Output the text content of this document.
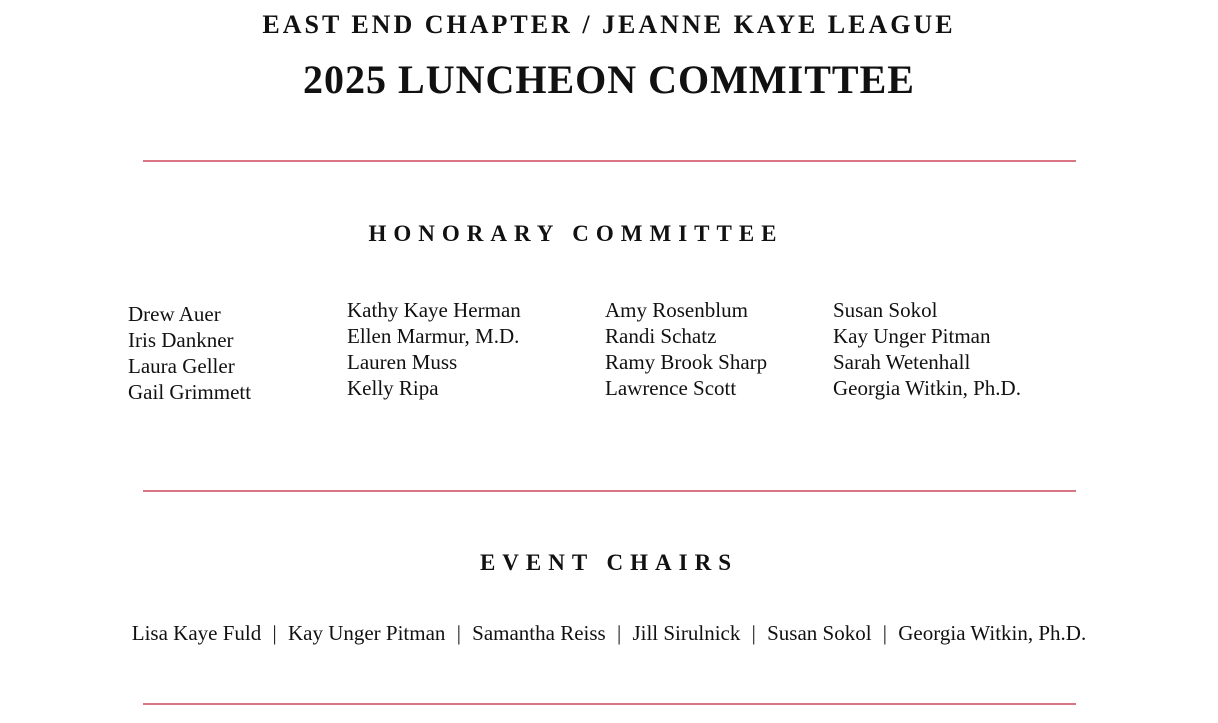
EAST END CHAPTER / JEANNE KAYE LEAGUE
2025 LUNCHEON COMMITTEE
HONORARY COMMITTEE
Drew Auer
Iris Dankner
Laura Geller
Gail Grimmett
Kathy Kaye Herman
Ellen Marmur, M.D.
Lauren Muss
Kelly Ripa
Amy Rosenblum
Randi Schatz
Ramy Brook Sharp
Lawrence Scott
Susan Sokol
Kay Unger Pitman
Sarah Wetenhall
Georgia Witkin, Ph.D.
EVENT CHAIRS
Lisa Kaye Fuld | Kay Unger Pitman | Samantha Reiss | Jill Sirulnick | Susan Sokol | Georgia Witkin, Ph.D.
